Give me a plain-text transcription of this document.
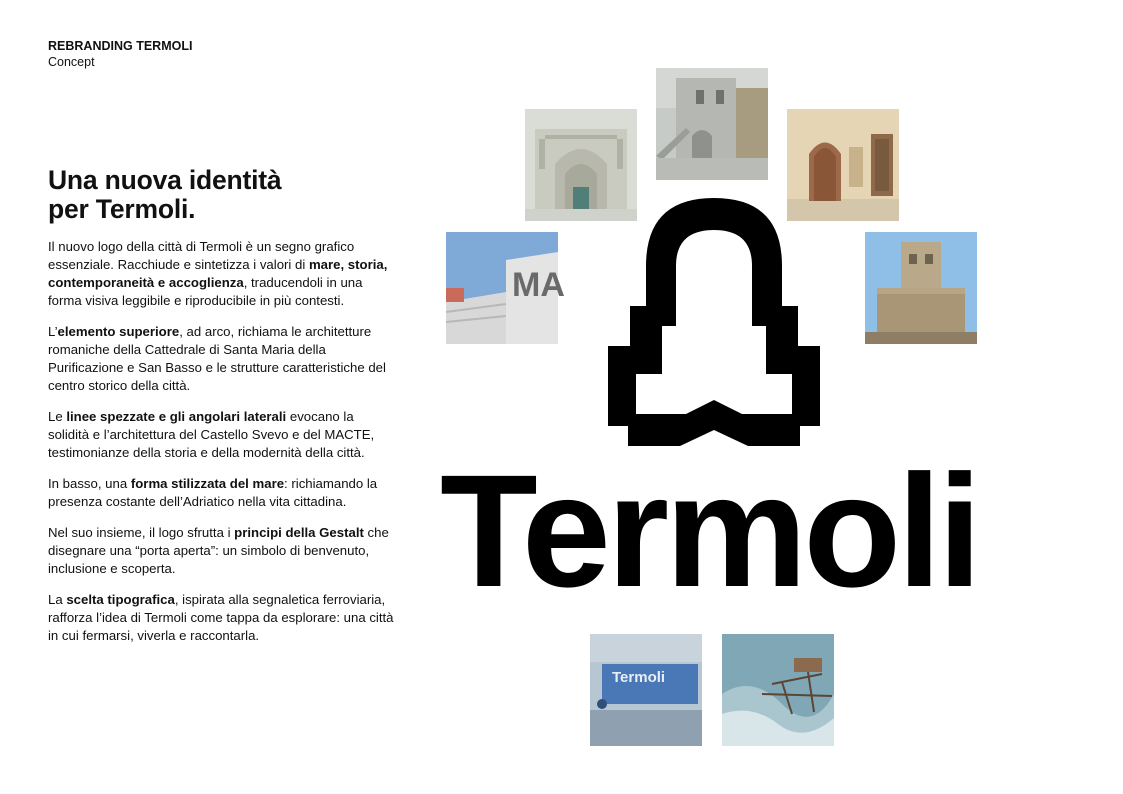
REBRANDING TERMOLI
Concept
Una nuova identità
per Termoli.

Il nuovo logo della città di Termoli è un segno grafico essenziale. Racchiude e sintetizza i valori di mare, storia, contemporaneità e accoglienza, traducendoli in una forma visiva leggibile e riproducibile in più contesti.

L’elemento superiore, ad arco, richiama le architetture romaniche della Cattedrale di Santa Maria della Purificazione e San Basso e le strutture caratteristiche del centro storico della città.

Le linee spezzate e gli angolari laterali evocano la solidità e l’architettura del Castello Svevo e del MACTE, testimonianze della storia e della modernità della città.

In basso, una forma stilizzata del mare: richiamando la presenza costante dell’Adriatico nella vita cittadina.

Nel suo insieme, il logo sfrutta i principi della Gestalt che disegnare una “porta aperta”: un simbolo di benvenuto, inclusione e scoperta.

La scelta tipografica, ispirata alla segnaletica ferroviaria, rafforza l’idea di Termoli come tappa da esplorare: una città in cui fermarsi, viverla e raccontarla.

MA
Termoli
Termoli
